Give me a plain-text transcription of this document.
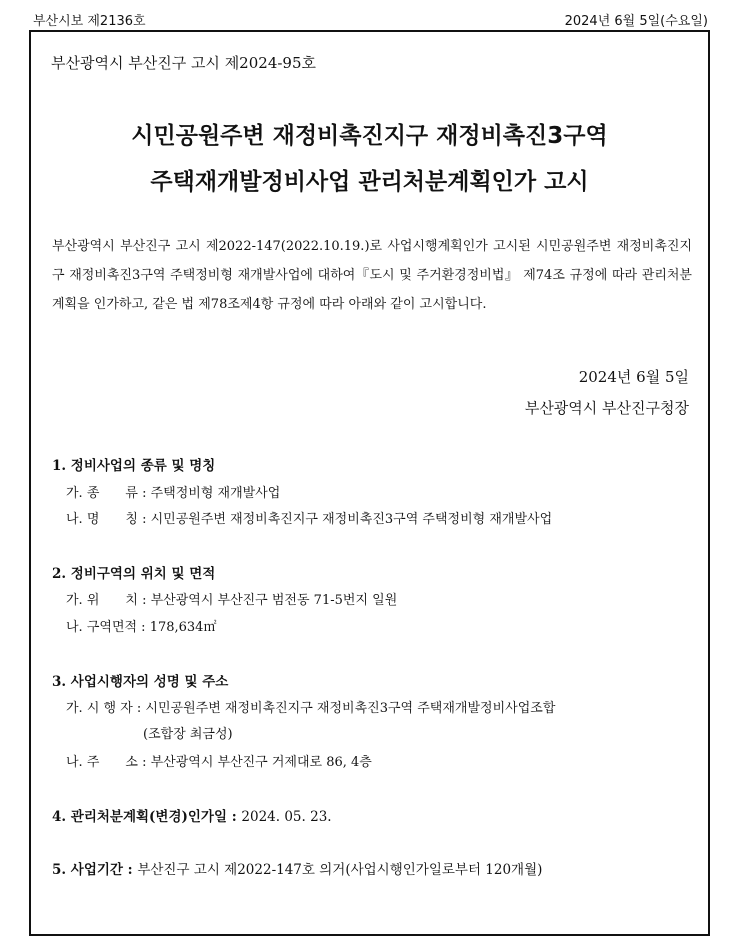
부산시보 제2136호	2024년 6월 5일(수요일)
부산광역시 부산진구 고시 제2024-95호
시민공원주변 재정비촉진지구 재정비촉진3구역
주택재개발정비사업 관리처분계획인가 고시
부산광역시 부산진구 고시 제2022-147(2022.10.19.)로 사업시행계획인가 고시된 시민공원주변 재정비촉진지구 재정비촉진3구역 주택정비형 재개발사업에 대하여『도시 및 주거환경정비법』 제74조 규정에 따라 관리처분계획을 인가하고, 같은 법 제78조제4항 규정에 따라 아래와 같이 고시합니다.
2024년 6월 5일
부산광역시 부산진구청장
1. 정비사업의 종류 및 명칭
가. 종　　류 : 주택정비형 재개발사업
나. 명　　칭 : 시민공원주변 재정비촉진지구 재정비촉진3구역 주택정비형 재개발사업
2. 정비구역의 위치 및 면적
가. 위　　치 : 부산광역시 부산진구 범전동 71-5번지 일원
나. 구역면적 : 178,634㎡
3. 사업시행자의 성명 및 주소
가. 시 행 자 : 시민공원주변 재정비촉진지구 재정비촉진3구역 주택재개발정비사업조합
(조합장 최금성)
나. 주　　소 : 부산광역시 부산진구 거제대로 86, 4층
4. 관리처분계획(변경)인가일 : 2024. 05. 23.
5. 사업기간 : 부산진구 고시 제2022-147호 의거(사업시행인가일로부터 120개월)
